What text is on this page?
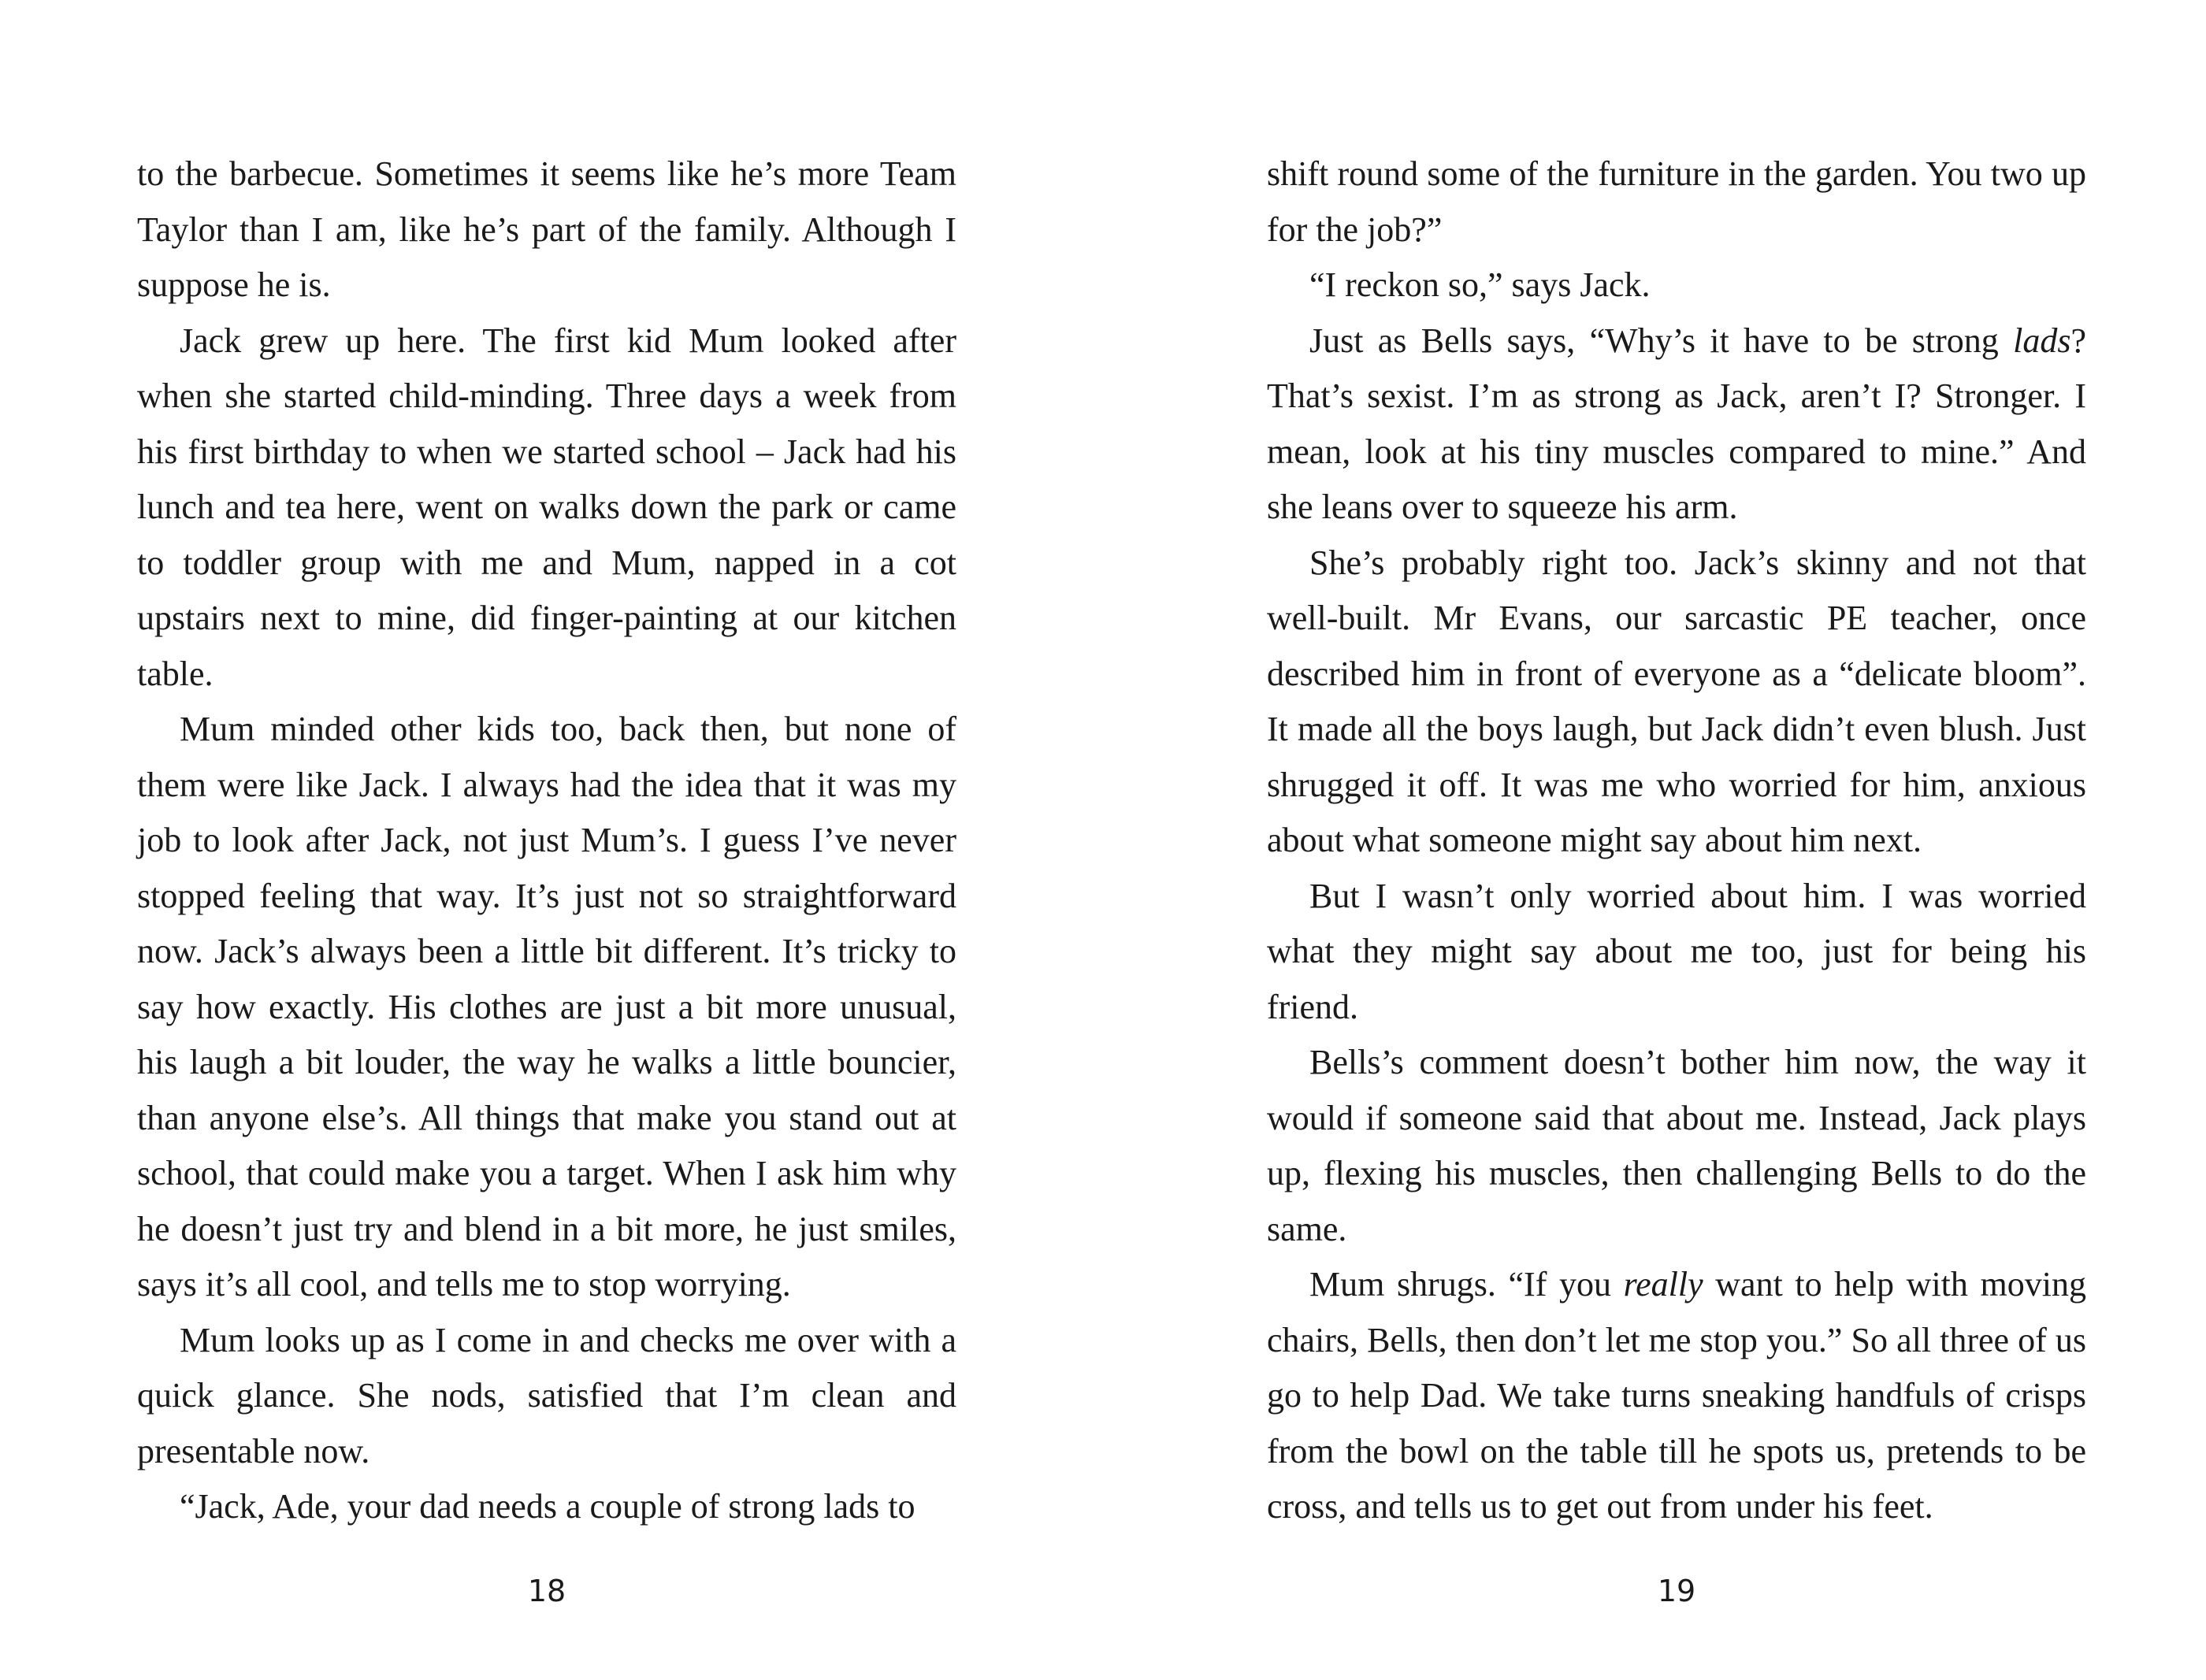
to the barbecue. Sometimes it seems like he’s more Team Taylor than I am, like he’s part of the family. Although I suppose he is.

Jack grew up here. The first kid Mum looked after when she started child-minding. Three days a week from his first birthday to when we started school – Jack had his lunch and tea here, went on walks down the park or came to toddler group with me and Mum, napped in a cot upstairs next to mine, did finger-painting at our kitchen table.

Mum minded other kids too, back then, but none of them were like Jack. I always had the idea that it was my job to look after Jack, not just Mum’s. I guess I’ve never stopped feeling that way. It’s just not so straightforward now. Jack’s always been a little bit different. It’s tricky to say how exactly. His clothes are just a bit more unusual, his laugh a bit louder, the way he walks a little bouncier, than anyone else’s. All things that make you stand out at school, that could make you a target. When I ask him why he doesn’t just try and blend in a bit more, he just smiles, says it’s all cool, and tells me to stop worrying.

Mum looks up as I come in and checks me over with a quick glance. She nods, satisfied that I’m clean and presentable now.

“Jack, Ade, your dad needs a couple of strong lads to

18

shift round some of the furniture in the garden. You two up for the job?”

“I reckon so,” says Jack.

Just as Bells says, “Why’s it have to be strong lads? That’s sexist. I’m as strong as Jack, aren’t I? Stronger. I mean, look at his tiny muscles compared to mine.” And she leans over to squeeze his arm.

She’s probably right too. Jack’s skinny and not that well-built. Mr Evans, our sarcastic PE teacher, once described him in front of everyone as a “delicate bloom”. It made all the boys laugh, but Jack didn’t even blush. Just shrugged it off. It was me who worried for him, anxious about what someone might say about him next.

But I wasn’t only worried about him. I was worried what they might say about me too, just for being his friend.

Bells’s comment doesn’t bother him now, the way it would if someone said that about me. Instead, Jack plays up, flexing his muscles, then challenging Bells to do the same.

Mum shrugs. “If you really want to help with moving chairs, Bells, then don’t let me stop you.” So all three of us go to help Dad. We take turns sneaking handfuls of crisps from the bowl on the table till he spots us, pretends to be cross, and tells us to get out from under his feet.

19
